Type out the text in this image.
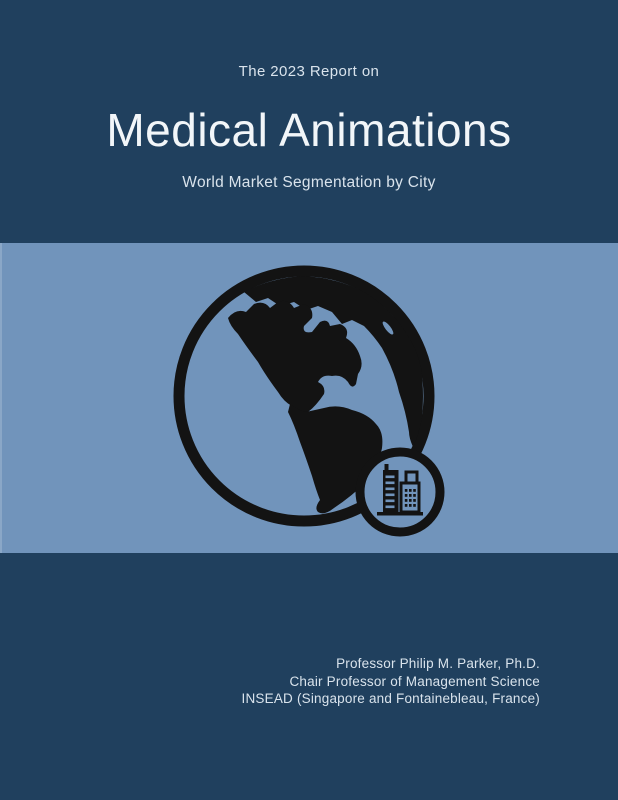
The 2023 Report on
Medical Animations
World Market Segmentation by City
Professor Philip M. Parker, Ph.D.
Chair Professor of Management Science
INSEAD (Singapore and Fontainebleau, France)
